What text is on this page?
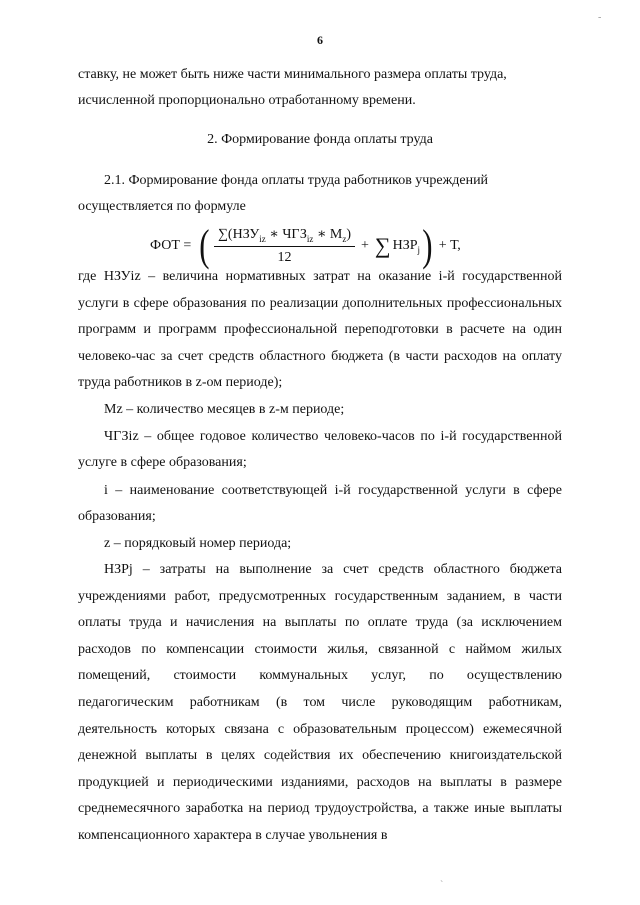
6

ставку, не может быть ниже части минимального размера оплаты труда,

исчисленной пропорционально отработанному времени.

2. Формирование фонда оплаты труда

2.1. Формирование фонда оплаты труда работников учреждений

осуществляется по формуле

ФОТ = ( $\frac{\sum(НЗУ_{iz} ∗ ЧГЗ_{iz} ∗ M_z)}{12}$ + ∑ $НЗР_j$ ) + Т,

где НЗУiz – величина нормативных затрат на оказание i-й государственной услуги в сфере образования по реализации дополнительных профессиональных программ и программ профессиональной переподготовки в расчете на один человеко-час за счет средств областного бюджета (в части расходов на оплату труда работников в z-ом периоде);

Mz – количество месяцев в z-м периоде;

ЧГЗiz – общее годовое количество человеко-часов по i-й государственной услуге в сфере образования;

i – наименование соответствующей i-й государственной услуги в сфере образования;

z – порядковый номер периода;

НЗРj – затраты на выполнение за счет средств областного бюджета учреждениями работ, предусмотренных государственным заданием, в части оплаты труда и начисления на выплаты по оплате труда (за исключением расходов по компенсации стоимости жилья, связанной с наймом жилых помещений, стоимости коммунальных услуг, по осуществлению педагогическим работникам (в том числе руководящим работникам, деятельность которых связана с образовательным процессом) ежемесячной денежной выплаты в целях содействия их обеспечению книгоиздательской продукцией и периодическими изданиями, расходов на выплаты в размере среднемесячного заработка на период трудоустройства, а также иные выплаты компенсационного характера в случае увольнения в

-
`
